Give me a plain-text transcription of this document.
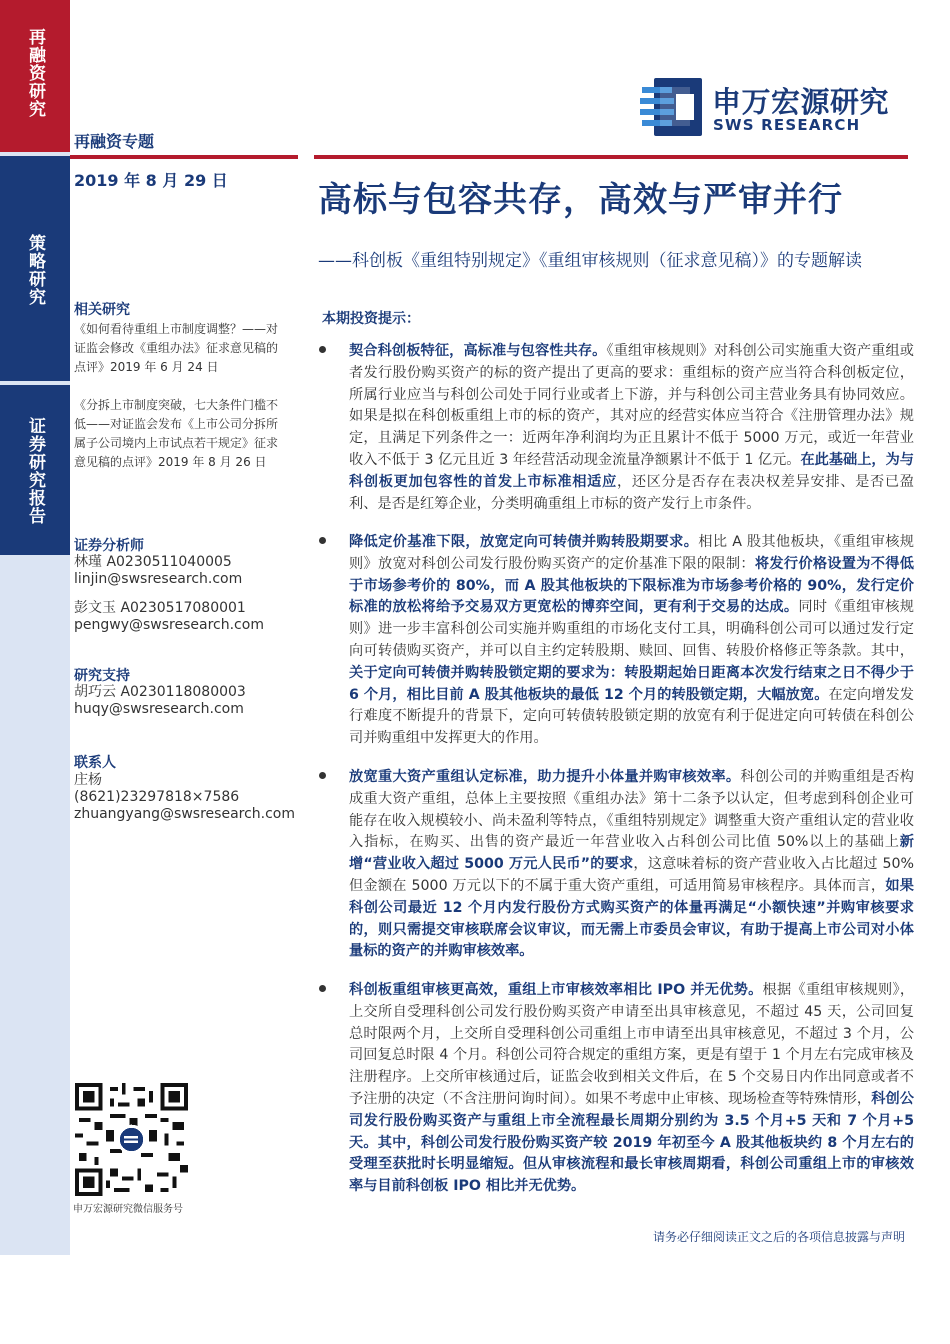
再融资研究
策略研究
证券研究报告
申万宏源研究
SWS RESEARCH
再融资专题
2019 年 8 月 29 日	高标与包容共存，高效与严审并行
——科创板《重组特别规定》《重组审核规则（征求意见稿）》的专题解读
相关研究
《如何看待重组上市制度调整？——对
证监会修改《重组办法》征求意见稿的
点评》2019 年 6 月 24 日
《分拆上市制度突破，七大条件门槛不
低——对证监会发布《上市公司分拆所
属子公司境内上市试点若干规定》征求
意见稿的点评》2019 年 8 月 26 日
证券分析师
林瑾 A0230511040005
linjin@swsresearch.com
彭文玉 A0230517080001
pengwy@swsresearch.com
研究支持
胡巧云 A0230118080003
huqy@swsresearch.com
联系人
庄杨
(8621)23297818×7586
zhuangyang@swsresearch.com
申万宏源研究微信服务号
本期投资提示：
契合科创板特征，高标准与包容性共存。《重组审核规则》对科创公司实施重大资产重组或者发行股份购买资产的标的资产提出了更高的要求：重组标的资产应当符合科创板定位，所属行业应当与科创公司处于同行业或者上下游，并与科创公司主营业务具有协同效应。如果是拟在科创板重组上市的标的资产，其对应的经营实体应当符合《注册管理办法》规定，且满足下列条件之一：近两年净利润均为正且累计不低于 5000 万元，或近一年营业收入不低于 3 亿元且近 3 年经营活动现金流量净额累计不低于 1 亿元。在此基础上，为与科创板更加包容性的首发上市标准相适应，还区分是否存在表决权差异安排、是否已盈利、是否是红筹企业，分类明确重组上市标的资产发行上市条件。
降低定价基准下限，放宽定向可转债并购转股期要求。相比 A 股其他板块，《重组审核规则》放宽对科创公司发行股份购买资产的定价基准下限的限制：将发行价格设置为不得低于市场参考价的 80%，而 A 股其他板块的下限标准为市场参考价格的 90%，发行定价标准的放松将给予交易双方更宽松的博弈空间，更有利于交易的达成。同时《重组审核规则》进一步丰富科创公司实施并购重组的市场化支付工具，明确科创公司可以通过发行定向可转债购买资产，并可以自主约定转股期、赎回、回售、转股价格修正等条款。其中，关于定向可转债并购转股锁定期的要求为：转股期起始日距离本次发行结束之日不得少于 6 个月，相比目前 A 股其他板块的最低 12 个月的转股锁定期，大幅放宽。在定向增发发行难度不断提升的背景下，定向可转债转股锁定期的放宽有利于促进定向可转债在科创公司并购重组中发挥更大的作用。
放宽重大资产重组认定标准，助力提升小体量并购审核效率。科创公司的并购重组是否构成重大资产重组，总体上主要按照《重组办法》第十二条予以认定，但考虑到科创企业可能存在收入规模较小、尚未盈利等特点，《重组特别规定》调整重大资产重组认定的营业收入指标，在购买、出售的资产最近一年营业收入占科创公司比值 50%以上的基础上新增“营业收入超过 5000 万元人民币”的要求，这意味着标的资产营业收入占比超过 50%但金额在 5000 万元以下的不属于重大资产重组，可适用简易审核程序。具体而言，如果科创公司最近 12 个月内发行股份方式购买资产的体量再满足“小额快速”并购审核要求的，则只需提交审核联席会议审议，而无需上市委员会审议，有助于提高上市公司对小体量标的资产的并购审核效率。
科创板重组审核更高效，重组上市审核效率相比 IPO 并无优势。根据《重组审核规则》，上交所自受理科创公司发行股份购买资产申请至出具审核意见，不超过 45 天，公司回复总时限两个月，上交所自受理科创公司重组上市申请至出具审核意见，不超过 3 个月，公司回复总时限 4 个月。科创公司符合规定的重组方案，更是有望于 1 个月左右完成审核及注册程序。上交所审核通过后，证监会收到相关文件后，在 5 个交易日内作出同意或者不予注册的决定（不含注册问询时间）。如果不考虑中止审核、现场检查等特殊情形，科创公司发行股份购买资产与重组上市全流程最长周期分别约为 3.5 个月+5 天和 7 个月+5 天。其中，科创公司发行股份购买资产较 2019 年初至今 A 股其他板块约 8 个月左右的受理至获批时长明显缩短。但从审核流程和最长审核周期看，科创公司重组上市的审核效率与目前科创板 IPO 相比并无优势。
请务必仔细阅读正文之后的各项信息披露与声明
